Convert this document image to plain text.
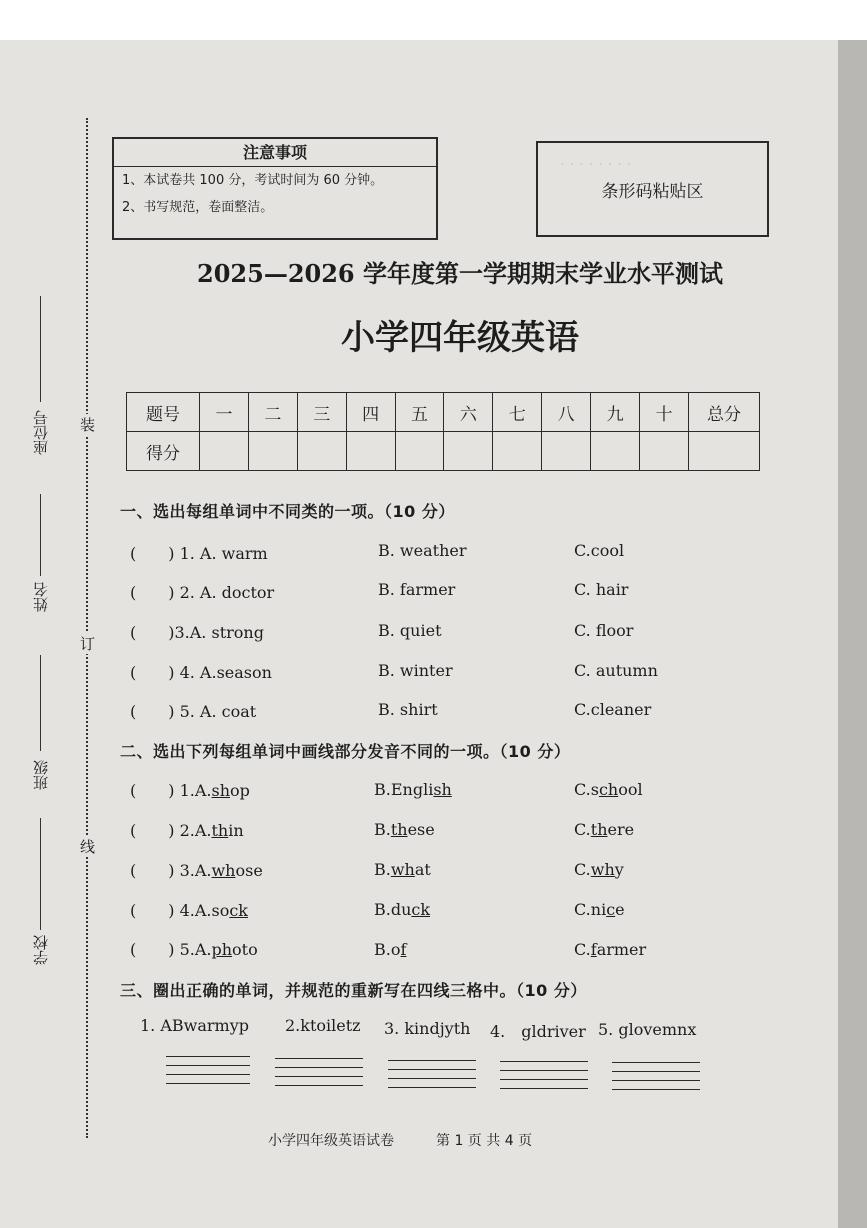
· · · · · · · ·
座位号
姓名
班级
学校
装
订
线
注意事项
1、本试卷共 100 分，考试时间为 60 分钟。
2、书写规范，卷面整洁。
条形码粘贴区
2025—2026 学年度第一学期期末学业水平测试
小学四年级英语
题号	一	二	三	四	五	六	七	八	九	十	总分
得分											
一、选出每组单词中不同类的一项。（10 分）
(　　) 1. A. warm	B. weather	C.cool
(　　) 2. A. doctor	B. farmer	C. hair
(　　)3.A. strong	B. quiet	C. floor
(　　) 4. A.season	B. winter	C. autumn
(　　) 5. A. coat	B. shirt	C.cleaner
二、选出下列每组单词中画线部分发音不同的一项。（10 分）
(　　) 1.A.shop	B.English	C.school
(　　) 2.A.thin	B.these	C.there
(　　) 3.A.whose	B.what	C.why
(　　) 4.A.sock	B.duck	C.nice
(　　) 5.A.photo	B.of	C.farmer
三、圈出正确的单词，并规范的重新写在四线三格中。（10 分）
1. ABwarmyp 2.ktoiletz 3. kindjyth 4.　gldriver 5. glovemnx
小学四年级英语试卷　　　第 1 页 共 4 页
